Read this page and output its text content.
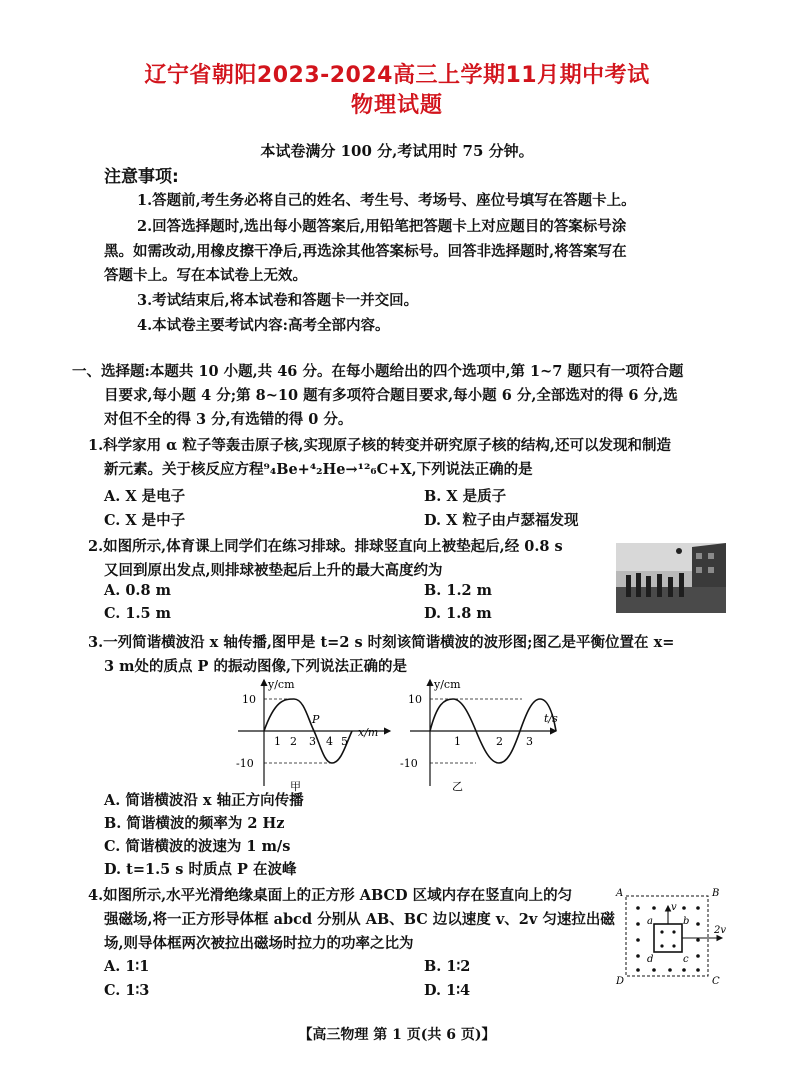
辽宁省朝阳2023-2024高三上学期11月期中考试
物理试题
本试卷满分 100 分,考试用时 75 分钟。
注意事项:
1.答题前,考生务必将自己的姓名、考生号、考场号、座位号填写在答题卡上。
2.回答选择题时,选出每小题答案后,用铅笔把答题卡上对应题目的答案标号涂
黑。如需改动,用橡皮擦干净后,再选涂其他答案标号。回答非选择题时,将答案写在
答题卡上。写在本试卷上无效。
3.考试结束后,将本试卷和答题卡一并交回。
4.本试卷主要考试内容:高考全部内容。
一、选择题:本题共 10 小题,共 46 分。在每小题给出的四个选项中,第 1~7 题只有一项符合题
目要求,每小题 4 分;第 8~10 题有多项符合题目要求,每小题 6 分,全部选对的得 6 分,选
对但不全的得 3 分,有选错的得 0 分。
1.科学家用 α 粒子等轰击原子核,实现原子核的转变并研究原子核的结构,还可以发现和制造
新元素。关于核反应方程⁹₄Be+⁴₂He→¹²₆C+X,下列说法正确的是
A. X 是电子	B. X 是质子
C. X 是中子	D. X 粒子由卢瑟福发现
2.如图所示,体育课上同学们在练习排球。排球竖直向上被垫起后,经 0.8 s
又回到原出发点,则排球被垫起后上升的最大高度约为
A. 0.8 m	B. 1.2 m
C. 1.5 m	D. 1.8 m
3.一列简谐横波沿 x 轴传播,图甲是 t=2 s 时刻该简谐横波的波形图;图乙是平衡位置在 x=
3 m处的质点 P 的振动图像,下列说法正确的是
y/cm
x/m
10
-10
1 2 3 4 5
P
甲
y/cm
t/s
10
-10
1	2 3
乙
A. 简谐横波沿 x 轴正方向传播
B. 简谐横波的频率为 2 Hz
C. 简谐横波的波速为 1 m/s
D. t=1.5 s 时质点 P 在波峰
4.如图所示,水平光滑绝缘桌面上的正方形 ABCD 区域内存在竖直向上的匀
强磁场,将一正方形导体框 abcd 分别从 AB、BC 边以速度 v、2v 匀速拉出磁
场,则导体框两次被拉出磁场时拉力的功率之比为
A. 1∶1	B. 1∶2
C. 1∶3	D. 1∶4
A	B
C
D
a	b
c
d
v
2v
【高三物理 第 1 页(共 6 页)】
